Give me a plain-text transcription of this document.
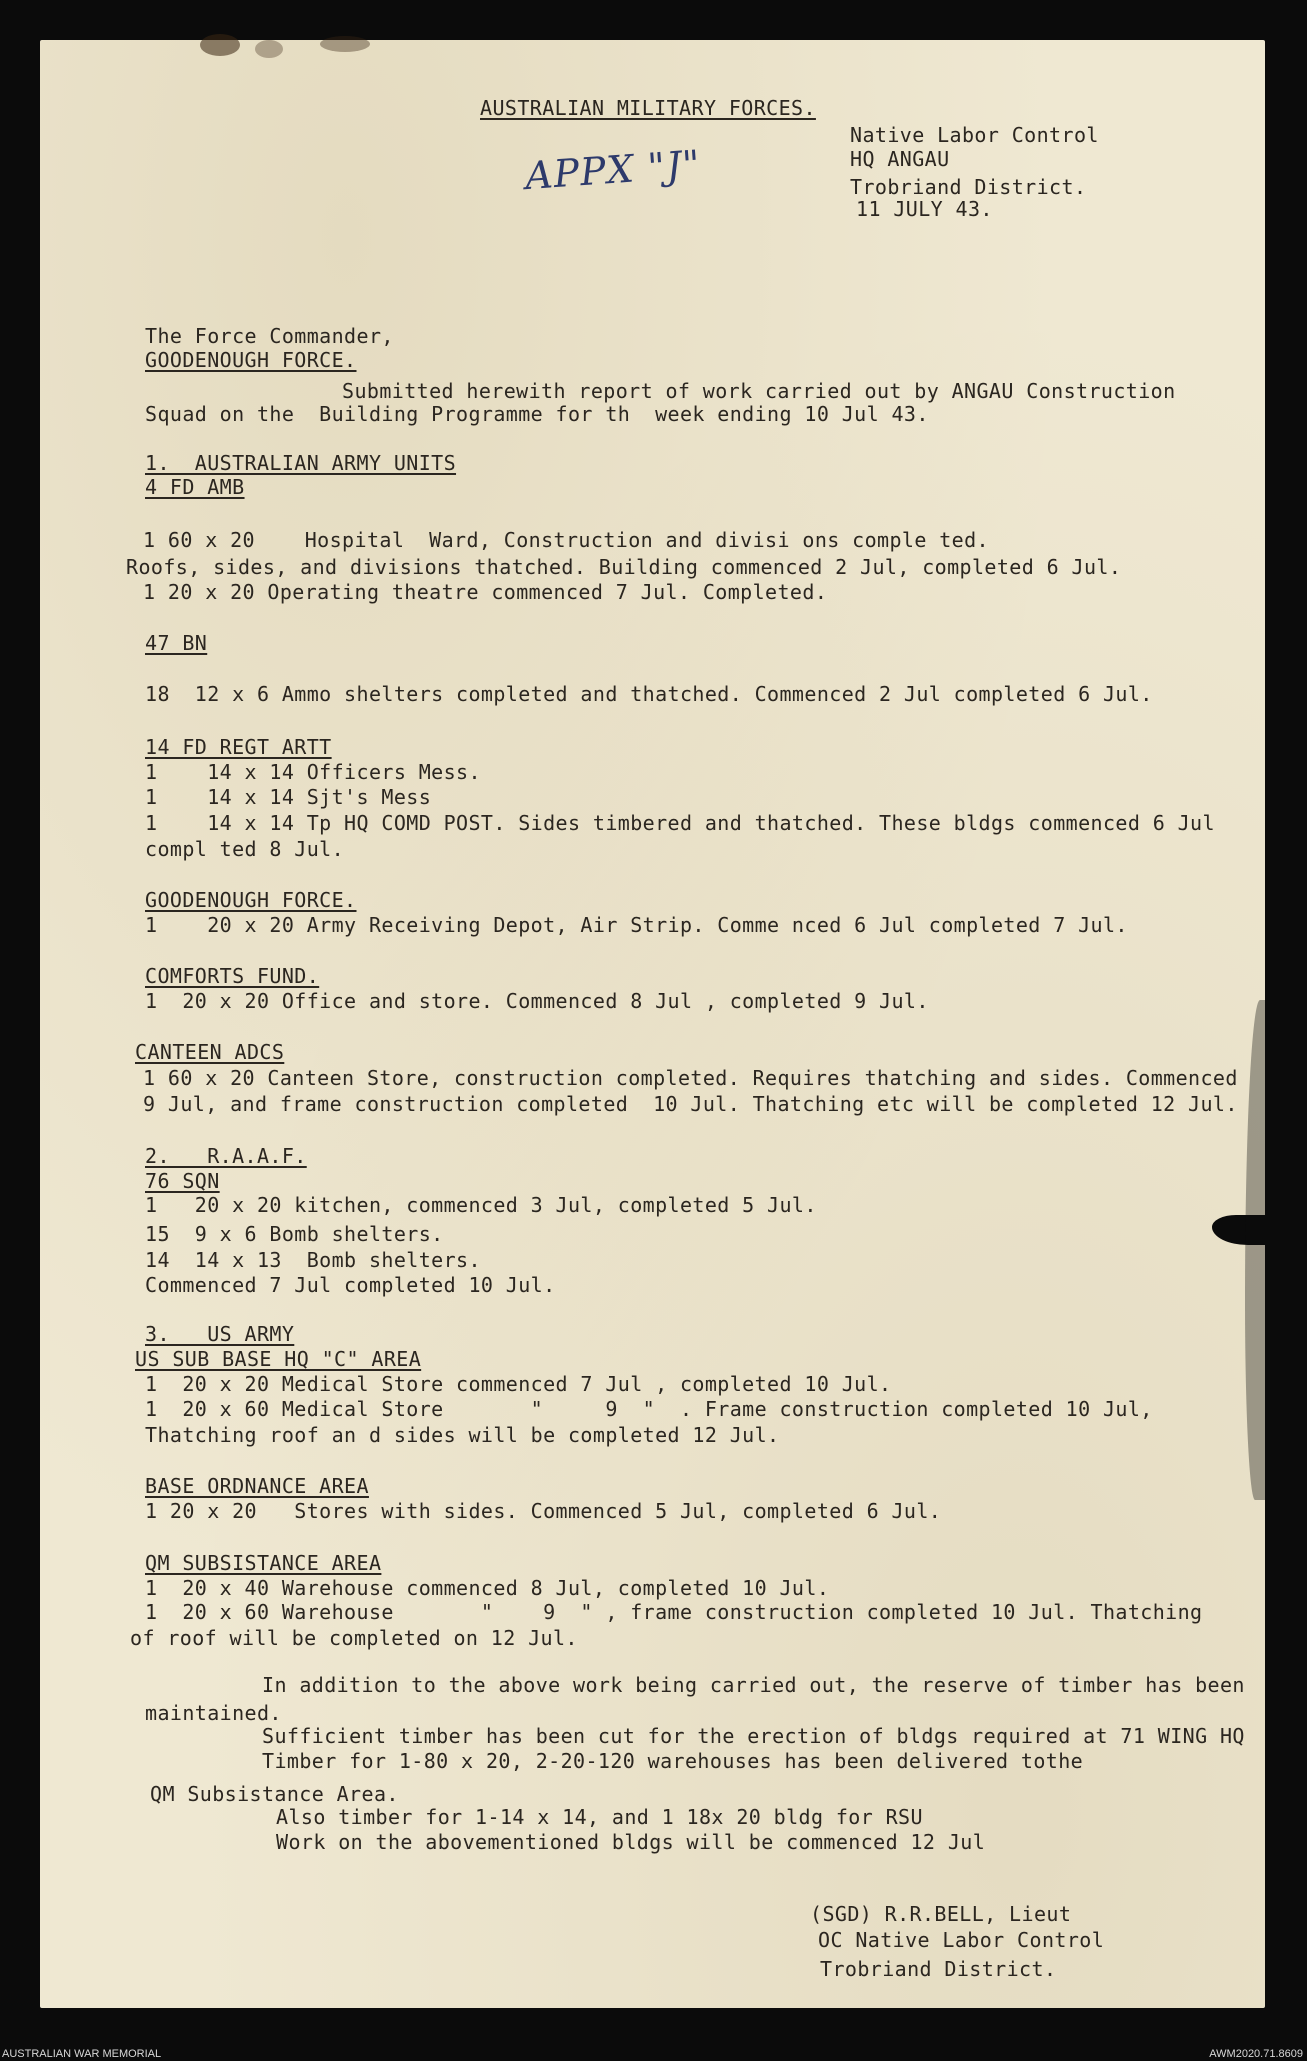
AUSTRALIAN MILITARY FORCES.
APPX "J"
Native Labor Control
HQ ANGAU
Trobriand District.
11 JULY 43.
The Force Commander,
GOODENOUGH FORCE.
Submitted herewith report of work carried out by ANGAU Construction
Squad on the  Building Programme for th  week ending 10 Jul 43.
1.  AUSTRALIAN ARMY UNITS
4 FD AMB
1 60 x 20    Hospital  Ward, Construction and divisi ons comple ted.
Roofs, sides, and divisions thatched. Building commenced 2 Jul, completed 6 Jul.
1 20 x 20 Operating theatre commenced 7 Jul. Completed.
47 BN
18  12 x 6 Ammo shelters completed and thatched. Commenced 2 Jul completed 6 Jul.
14 FD REGT ARTT
1    14 x 14 Officers Mess.
1    14 x 14 Sjt's Mess
1    14 x 14 Tp HQ COMD POST. Sides timbered and thatched. These bldgs commenced 6 Jul
compl ted 8 Jul.
GOODENOUGH FORCE.
1    20 x 20 Army Receiving Depot, Air Strip. Comme nced 6 Jul completed 7 Jul.
COMFORTS FUND.
1  20 x 20 Office and store. Commenced 8 Jul , completed 9 Jul.
CANTEEN ADCS
1 60 x 20 Canteen Store, construction completed. Requires thatching and sides. Commenced
9 Jul, and frame construction completed  10 Jul. Thatching etc will be completed 12 Jul.
2.   R.A.A.F.
76 SQN
1   20 x 20 kitchen, commenced 3 Jul, completed 5 Jul.
15  9 x 6 Bomb shelters.
14  14 x 13  Bomb shelters.
Commenced 7 Jul completed 10 Jul.
3.   US ARMY
US SUB BASE HQ "C" AREA
1  20 x 20 Medical Store commenced 7 Jul , completed 10 Jul.
1  20 x 60 Medical Store       "     9  "  . Frame construction completed 10 Jul,
Thatching roof an d sides will be completed 12 Jul.
BASE ORDNANCE AREA
1 20 x 20   Stores with sides. Commenced 5 Jul, completed 6 Jul.
QM SUBSISTANCE AREA
1  20 x 40 Warehouse commenced 8 Jul, completed 10 Jul.
1  20 x 60 Warehouse       "    9  " , frame construction completed 10 Jul. Thatching
of roof will be completed on 12 Jul.
In addition to the above work being carried out, the reserve of timber has been
maintained.
Sufficient timber has been cut for the erection of bldgs required at 71 WING HQ
Timber for 1-80 x 20, 2-20-120 warehouses has been delivered tothe
QM Subsistance Area.
Also timber for 1-14 x 14, and 1 18x 20 bldg for RSU
Work on the abovementioned bldgs will be commenced 12 Jul
(SGD) R.R.BELL, Lieut
OC Native Labor Control
Trobriand District.
AUSTRALIAN WAR MEMORIAL	AWM2020.71.8609
